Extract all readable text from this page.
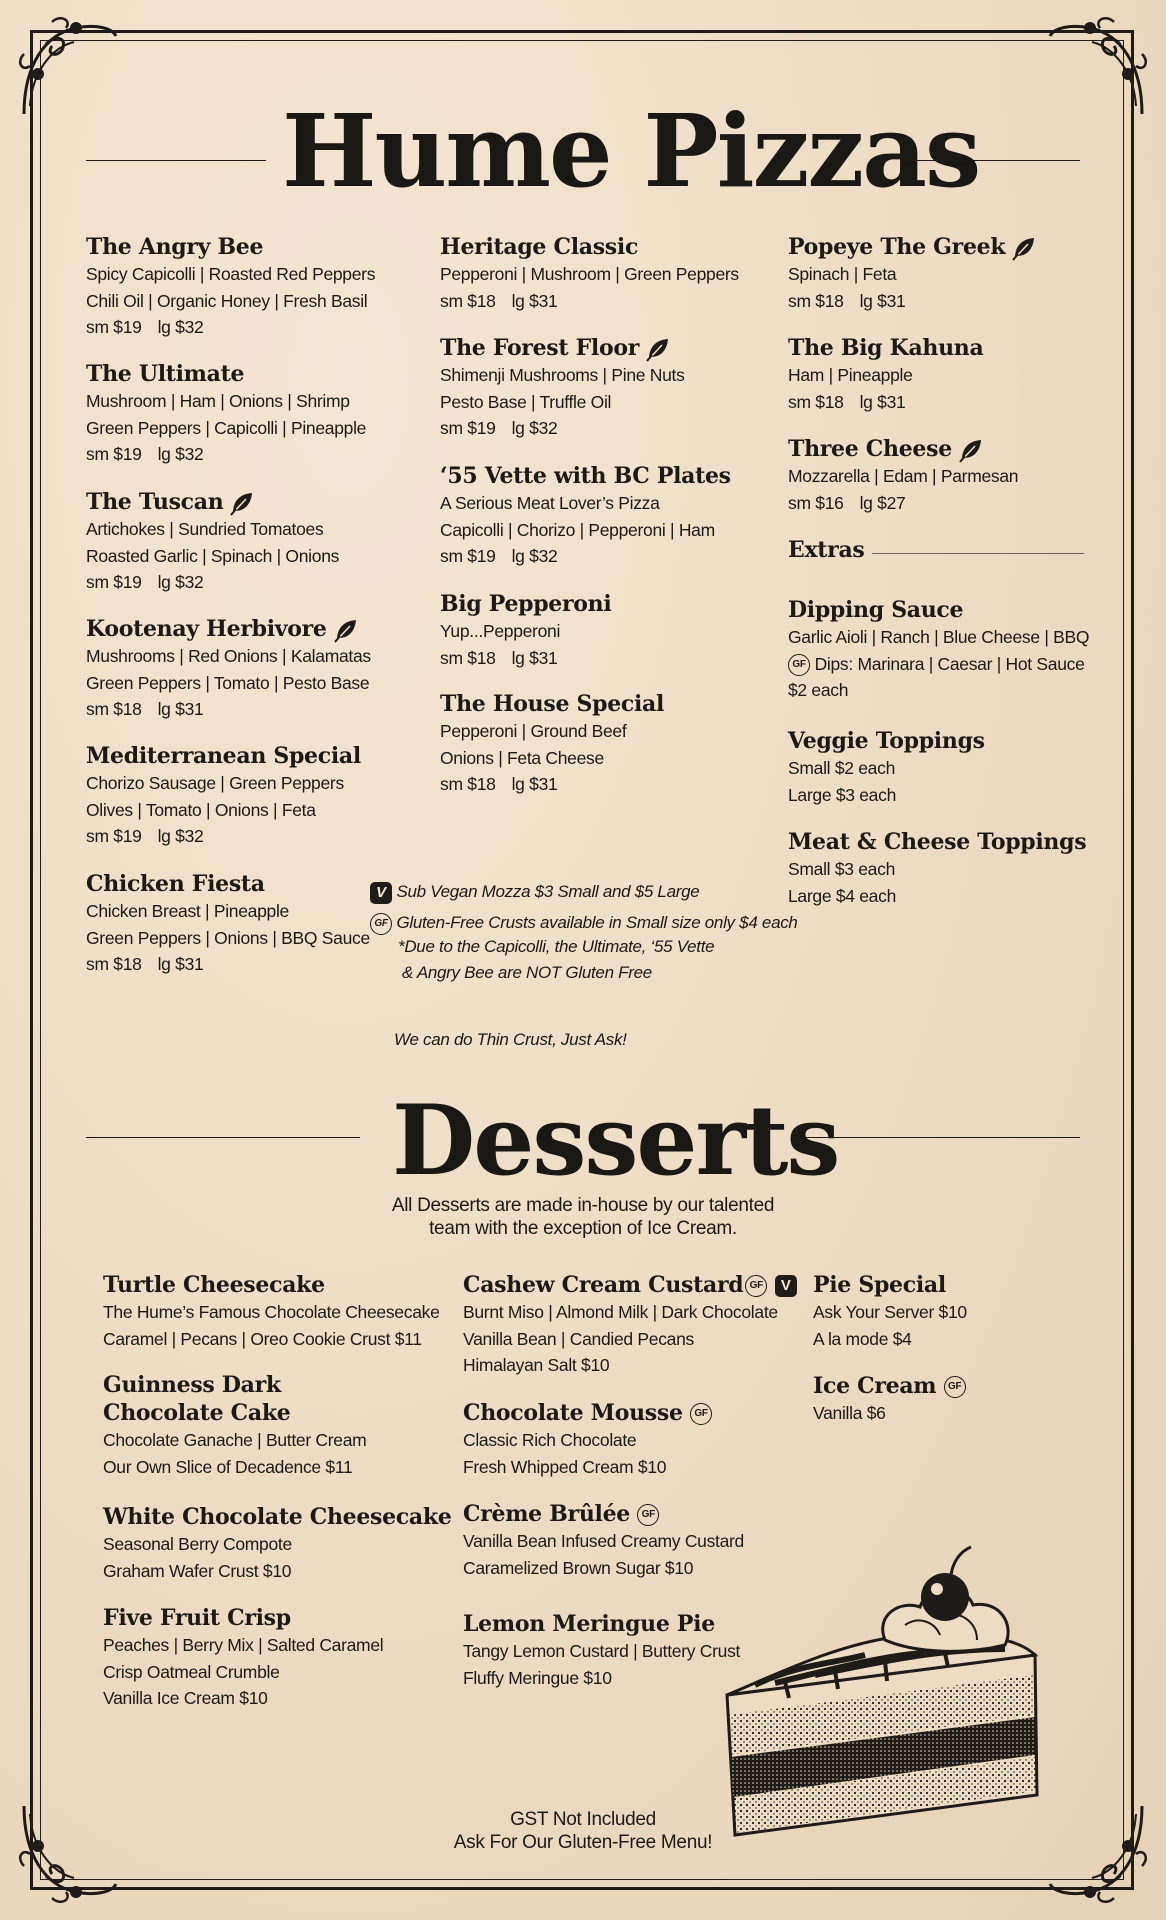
Hume Pizzas
The Angry Bee
Spicy Capicolli | Roasted Red Peppers
Chili Oil | Organic Honey | Fresh Basil
sm $19 lg $32
The Ultimate
Mushroom | Ham | Onions | Shrimp
Green Peppers | Capicolli | Pineapple
sm $19 lg $32
The Tuscan
Artichokes | Sundried Tomatoes
Roasted Garlic | Spinach | Onions
sm $19 lg $32
Kootenay Herbivore
Mushrooms | Red Onions | Kalamatas
Green Peppers | Tomato | Pesto Base
sm $18 lg $31
Mediterranean Special
Chorizo Sausage | Green Peppers
Olives | Tomato | Onions | Feta
sm $19 lg $32
Chicken Fiesta
Chicken Breast | Pineapple
Green Peppers | Onions | BBQ Sauce
sm $18 lg $31
Heritage Classic
Pepperoni | Mushroom | Green Peppers
sm $18 lg $31
The Forest Floor
Shimenji Mushrooms | Pine Nuts
Pesto Base | Truffle Oil
sm $19 lg $32
‘55 Vette with BC Plates
A Serious Meat Lover’s Pizza
Capicolli | Chorizo | Pepperoni | Ham
sm $19 lg $32
Big Pepperoni
Yup...Pepperoni
sm $18 lg $31
The House Special
Pepperoni | Ground Beef
Onions | Feta Cheese
sm $18 lg $31
Popeye The Greek
Spinach | Feta
sm $18 lg $31
The Big Kahuna
Ham | Pineapple
sm $18 lg $31
Three Cheese
Mozzarella | Edam | Parmesan
sm $16 lg $27
Extras
Dipping Sauce
Garlic Aioli | Ranch | Blue Cheese | BBQ
GF Dips: Marinara | Caesar | Hot Sauce
$2 each
Veggie Toppings
Small $2 each
Large $3 each
Meat & Cheese Toppings
Small $3 each
Large $4 each
V Sub Vegan Mozza $3 Small and $5 Large
GF Gluten-Free Crusts available in Small size only $4 each
*Due to the Capicolli, the Ultimate, ‘55 Vette
& Angry Bee are NOT Gluten Free
We can do Thin Crust, Just Ask!
Desserts
All Desserts are made in-house by our talented
team with the exception of Ice Cream.
Turtle Cheesecake
The Hume’s Famous Chocolate Cheesecake
Caramel | Pecans | Oreo Cookie Crust $11
Guinness Dark
Chocolate Cake
Chocolate Ganache | Butter Cream
Our Own Slice of Decadence $11
White Chocolate Cheesecake
Seasonal Berry Compote
Graham Wafer Crust $10
Five Fruit Crisp
Peaches | Berry Mix | Salted Caramel
Crisp Oatmeal Crumble
Vanilla Ice Cream $10
Cashew Cream Custard GF V
Burnt Miso | Almond Milk | Dark Chocolate
Vanilla Bean | Candied Pecans
Himalayan Salt $10
Chocolate Mousse GF
Classic Rich Chocolate
Fresh Whipped Cream $10
Crème Brûlée GF
Vanilla Bean Infused Creamy Custard
Caramelized Brown Sugar $10
Lemon Meringue Pie
Tangy Lemon Custard | Buttery Crust
Fluffy Meringue $10
Pie Special
Ask Your Server $10
A la mode $4
Ice Cream GF
Vanilla $6
GST Not Included
Ask For Our Gluten-Free Menu!
